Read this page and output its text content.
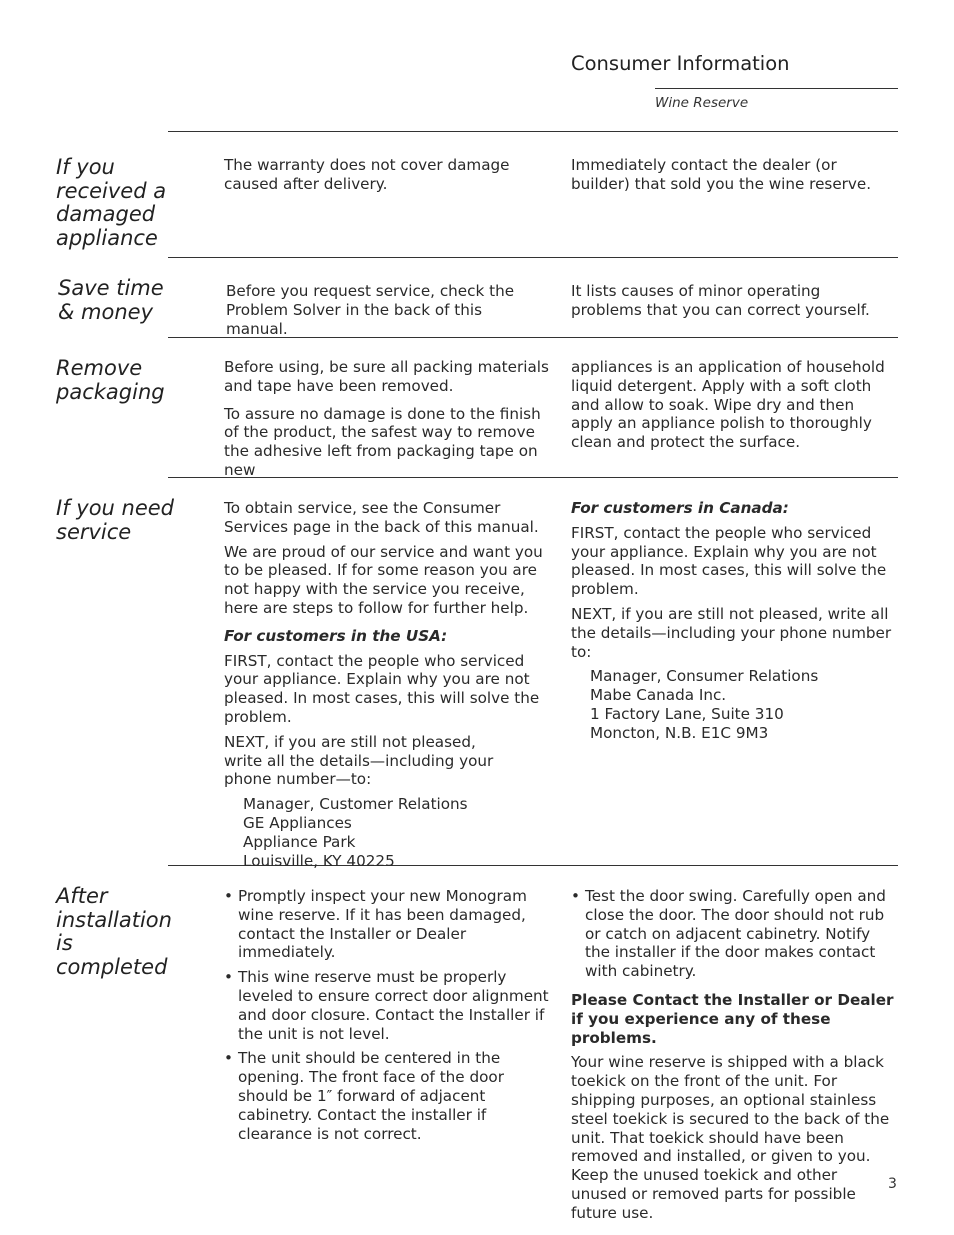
Consumer Information
Wine Reserve
If you received a damaged appliance

The warranty does not cover damage caused after delivery.

Immediately contact the dealer (or builder) that sold you the wine reserve.

Save time & money

Before you request service, check the Problem Solver in the back of this manual.

It lists causes of minor operating problems that you can correct yourself.

Remove packaging

Before using, be sure all packing materials and tape have been removed.

To assure no damage is done to the finish of the product, the safest way to remove the adhesive left from packaging tape on new

appliances is an application of household liquid detergent. Apply with a soft cloth and allow to soak. Wipe dry and then apply an appliance polish to thoroughly clean and protect the surface.

If you need service

To obtain service, see the Consumer Services page in the back of this manual.

We are proud of our service and want you to be pleased. If for some reason you are not happy with the service you receive, here are steps to follow for further help.

For customers in the USA:

FIRST, contact the people who serviced your appliance. Explain why you are not pleased. In most cases, this will solve the problem.

NEXT, if you are still not pleased, write all the details—including your phone number—to:

Manager, Customer Relations
GE Appliances
Appliance Park
Louisville, KY 40225

For customers in Canada:

FIRST, contact the people who serviced your appliance. Explain why you are not pleased. In most cases, this will solve the problem.

NEXT, if you are still not pleased, write all the details—including your phone number to:

Manager, Consumer Relations
Mabe Canada Inc.
1 Factory Lane, Suite 310
Moncton, N.B. E1C 9M3
After installation is completed
• Promptly inspect your new Monogram wine reserve. If it has been damaged, contact the Installer or Dealer immediately.
• This wine reserve must be properly leveled to ensure correct door alignment and door closure. Contact the Installer if the unit is not level.
• The unit should be centered in the opening. The front face of the door should be 1″ forward of adjacent cabinetry. Contact the installer if clearance is not correct.
• Test the door swing. Carefully open and close the door. The door should not rub or catch on adjacent cabinetry. Notify the installer if the door makes contact with cabinetry.

Please Contact the Installer or Dealer if you experience any of these problems.

Your wine reserve is shipped with a black toekick on the front of the unit. For shipping purposes, an optional stainless steel toekick is secured to the back of the unit. That toekick should have been removed and installed, or given to you. Keep the unused toekick and other unused or removed parts for possible future use.

3
